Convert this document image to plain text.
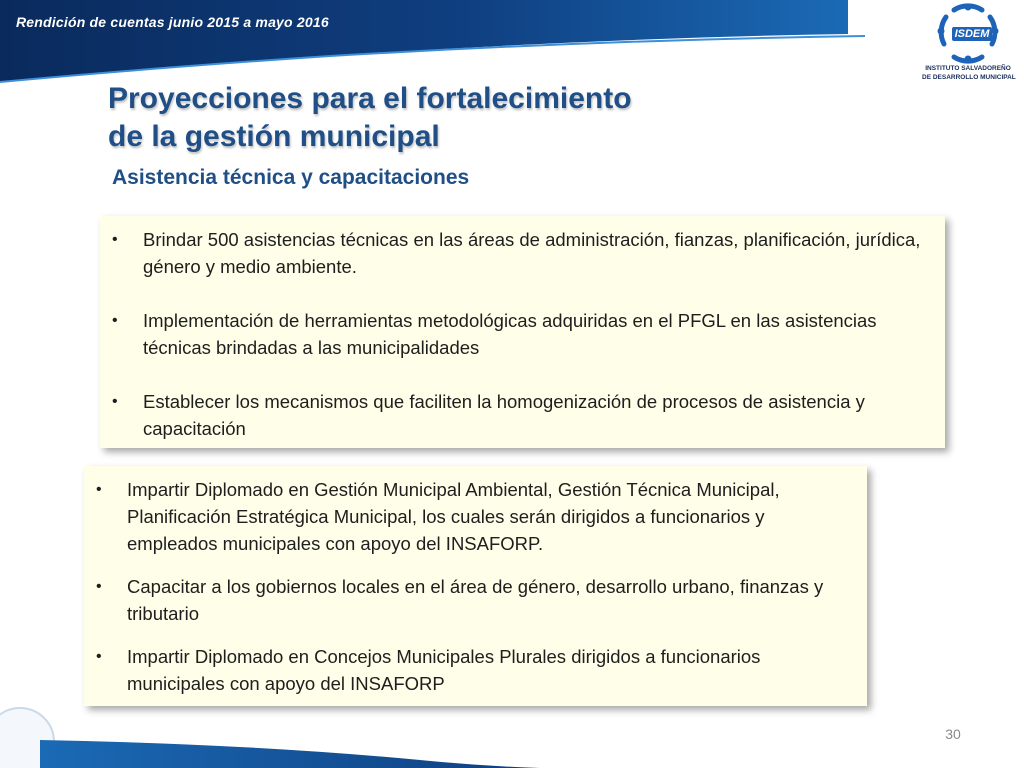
Rendición de cuentas junio 2015 a mayo 2016
ISDEM
INSTITUTO SALVADOREÑO
DE DESARROLLO MUNICIPAL
Proyecciones para el fortalecimiento
de la gestión municipal
Asistencia técnica y capacitaciones
• Brindar 500 asistencias técnicas en las áreas de administración, fianzas, planificación, jurídica, género y medio ambiente.
• Implementación de herramientas metodológicas adquiridas en el PFGL en las asistencias técnicas brindadas a las municipalidades
• Establecer los mecanismos que faciliten la homogenización de procesos de asistencia y capacitación
• Impartir Diplomado en Gestión Municipal Ambiental, Gestión Técnica Municipal, Planificación Estratégica Municipal, los cuales serán dirigidos a funcionarios y empleados municipales con apoyo del INSAFORP.
• Capacitar a los gobiernos locales en el área de género, desarrollo urbano, finanzas y tributario
• Impartir Diplomado en Concejos Municipales Plurales dirigidos a funcionarios municipales con apoyo del INSAFORP
30
